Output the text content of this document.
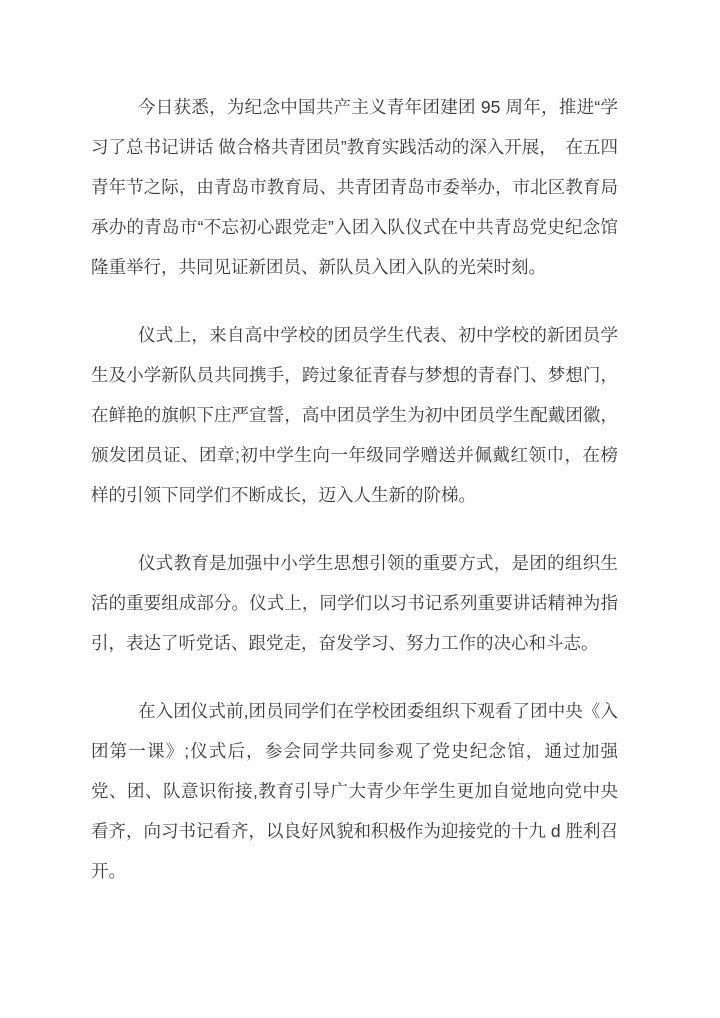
今日获悉，为纪念中国共产主义青年团建团 95 周年，推进“学习了总书记讲话 做合格共青团员”教育实践活动的深入开展，　在五四青年节之际，由青岛市教育局、共青团青岛市委举办，市北区教育局承办的青岛市“不忘初心跟党走”入团入队仪式在中共青岛党史纪念馆隆重举行，共同见证新团员、新队员入团入队的光荣时刻。

仪式上，来自高中学校的团员学生代表、初中学校的新团员学生及小学新队员共同携手，跨过象征青春与梦想的青春门、梦想门，在鲜艳的旗帜下庄严宣誓，高中团员学生为初中团员学生配戴团徽，颁发团员证、团章;初中学生向一年级同学赠送并佩戴红领巾，在榜样的引领下同学们不断成长，迈入人生新的阶梯。

仪式教育是加强中小学生思想引领的重要方式，是团的组织生活的重要组成部分。仪式上，同学们以习书记系列重要讲话精神为指引，表达了听党话、跟党走，奋发学习、努力工作的决心和斗志。

在入团仪式前,团员同学们在学校团委组织下观看了团中央《入团第一课》;仪式后，参会同学共同参观了党史纪念馆，通过加强党、团、队意识衔接,教育引导广大青少年学生更加自觉地向党中央看齐，向习书记看齐，以良好风貌和积极作为迎接党的十九 d 胜利召开。
